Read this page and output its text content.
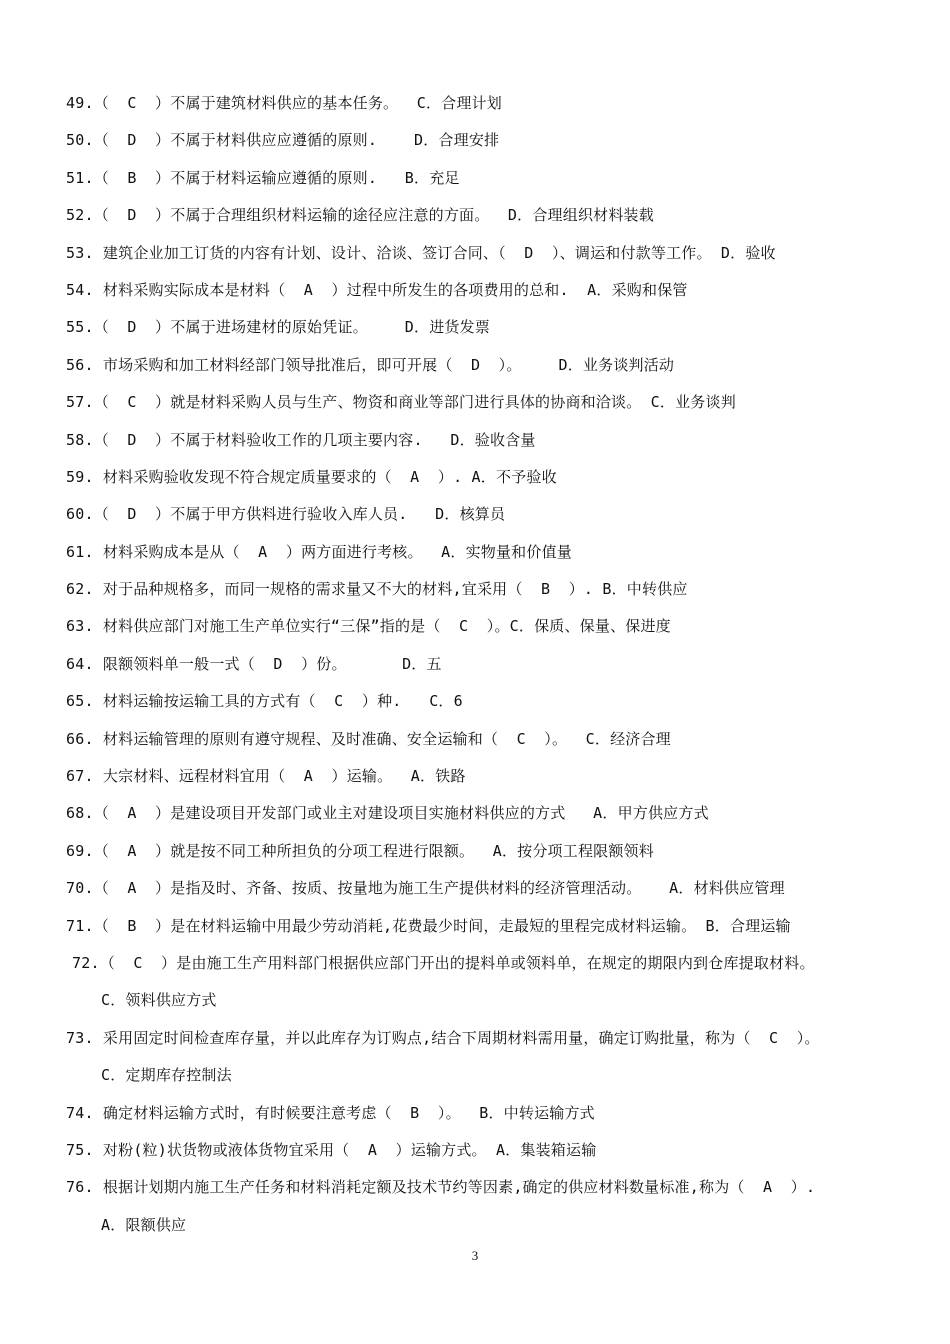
49.（  C  ）不属于建筑材料供应的基本任务。  C．合理计划
50.（  D  ）不属于材料供应应遵循的原则.    D．合理安排
51.（  B  ）不属于材料运输应遵循的原则.   B．充足
52.（  D  ）不属于合理组织材料运输的途径应注意的方面。  D．合理组织材料装载
53. 建筑企业加工订货的内容有计划、设计、洽谈、签订合同、（  D  ）、调运和付款等工作。 D．验收
54. 材料采购实际成本是材料（  A  ）过程中所发生的各项费用的总和.  A．采购和保管
55.（  D  ）不属于进场建材的原始凭证。    D．进货发票
56. 市场采购和加工材料经部门领导批准后，即可开展（  D  ）。    D．业务谈判活动
57.（  C  ）就是材料采购人员与生产、物资和商业等部门进行具体的协商和洽谈。 C．业务谈判
58.（  D  ）不属于材料验收工作的几项主要内容.   D．验收含量
59. 材料采购验收发现不符合规定质量要求的（  A  ）. A．不予验收
60.（  D  ）不属于甲方供料进行验收入库人员.   D．核算员
61. 材料采购成本是从（  A  ）两方面进行考核。  A．实物量和价值量
62. 对于品种规格多，而同一规格的需求量又不大的材料,宜采用（  B  ）. B．中转供应
63. 材料供应部门对施工生产单位实行“三保”指的是（  C  ）。C．保质、保量、保进度
64. 限额领料单一般一式（  D  ）份。      D．五
65. 材料运输按运输工具的方式有（  C  ）种.   C．6
66. 材料运输管理的原则有遵守规程、及时准确、安全运输和（  C  ）。  C．经济合理
67. 大宗材料、远程材料宜用（  A  ）运输。  A．铁路
68.（  A  ）是建设项目开发部门或业主对建设项目实施材料供应的方式   A．甲方供应方式
69.（  A  ）就是按不同工种所担负的分项工程进行限额。  A．按分项工程限额领料
70.（  A  ）是指及时、齐备、按质、按量地为施工生产提供材料的经济管理活动。   A．材料供应管理
71.（  B  ）是在材料运输中用最少劳动消耗,花费最少时间，走最短的里程完成材料运输。 B．合理运输
72.（  C  ）是由施工生产用料部门根据供应部门开出的提料单或领料单，在规定的期限内到仓库提取材料。
C．领料供应方式
73. 采用固定时间检查库存量，并以此库存为订购点,结合下周期材料需用量，确定订购批量，称为（  C  ）。
C．定期库存控制法
74. 确定材料运输方式时，有时候要注意考虑（  B  ）。  B．中转运输方式
75. 对粉(粒)状货物或液体货物宜采用（  A  ）运输方式。 A．集装箱运输
76. 根据计划期内施工生产任务和材料消耗定额及技术节约等因素,确定的供应材料数量标准,称为（  A  ）.
A．限额供应
3
